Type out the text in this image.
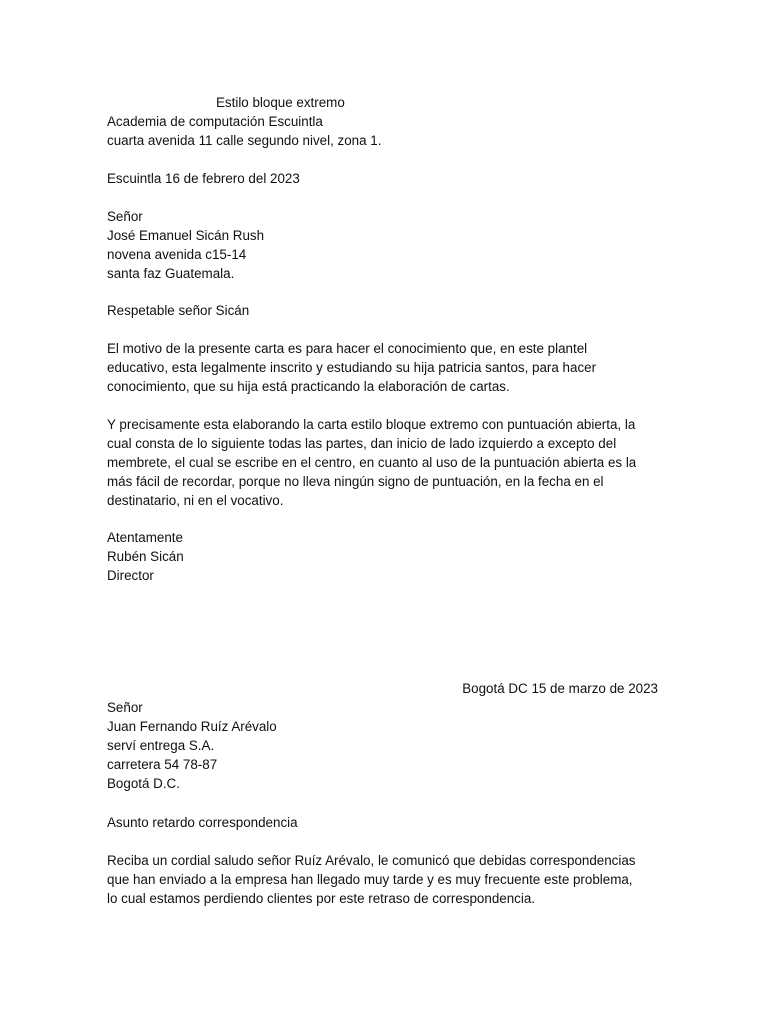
Estilo bloque extremo
Academia de computación Escuintla
cuarta avenida 11 calle segundo nivel, zona 1.
Escuintla 16 de febrero del 2023
Señor
José Emanuel Sicán Rush
novena avenida c15-14
santa faz Guatemala.
Respetable señor Sicán
El motivo de la presente carta es para hacer el conocimiento que, en este plantel
educativo, esta legalmente inscrito y estudiando su hija patricia santos, para hacer
conocimiento, que su hija está practicando la elaboración de cartas.
Y precisamente esta elaborando la carta estilo bloque extremo con puntuación abierta, la
cual consta de lo siguiente todas las partes, dan inicio de lado izquierdo a excepto del
membrete, el cual se escribe en el centro, en cuanto al uso de la puntuación abierta es la
más fácil de recordar, porque no lleva ningún signo de puntuación, en la fecha en el
destinatario, ni en el vocativo.
Atentamente
Rubén Sicán
Director
Bogotá DC 15 de marzo de 2023
Señor
Juan Fernando Ruíz Arévalo
serví entrega S.A.
carretera 54 78-87
Bogotá D.C.
Asunto retardo correspondencia
Reciba un cordial saludo señor Ruíz Arévalo, le comunicó que debidas correspondencias
que han enviado a la empresa han llegado muy tarde y es muy frecuente este problema,
lo cual estamos perdiendo clientes por este retraso de correspondencia.
